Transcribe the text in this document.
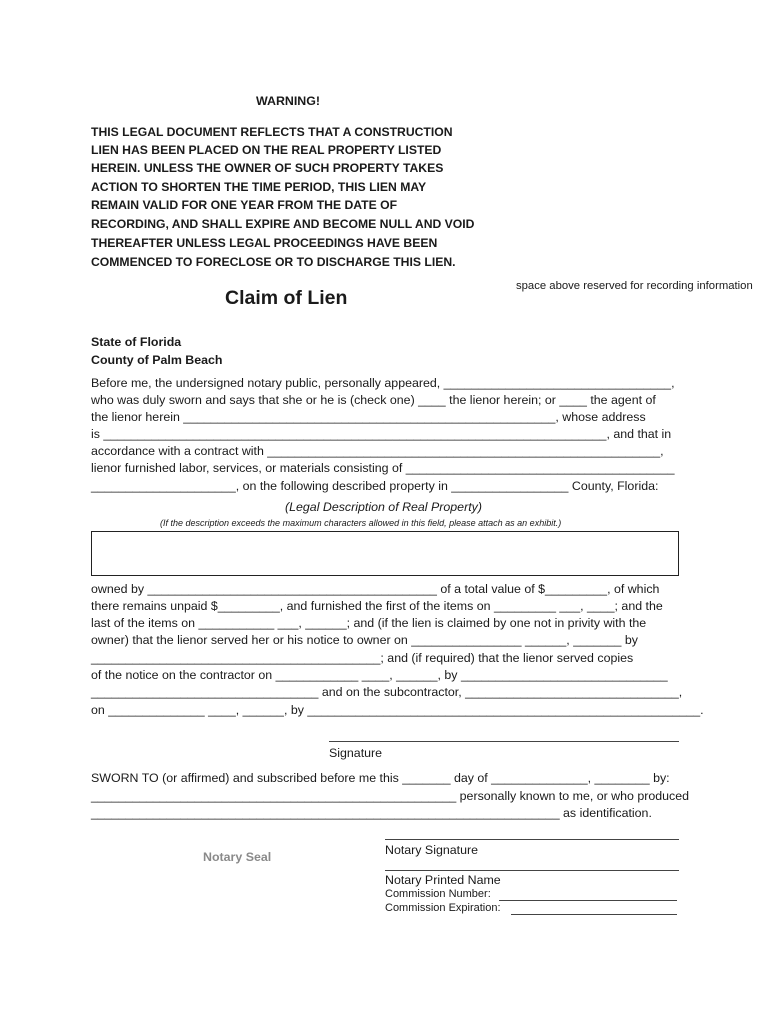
WARNING!
THIS LEGAL DOCUMENT REFLECTS THAT A CONSTRUCTION
LIEN HAS BEEN PLACED ON THE REAL PROPERTY LISTED
HEREIN. UNLESS THE OWNER OF SUCH PROPERTY TAKES
ACTION TO SHORTEN THE TIME PERIOD, THIS LIEN MAY
REMAIN VALID FOR ONE YEAR FROM THE DATE OF
RECORDING, AND SHALL EXPIRE AND BECOME NULL AND VOID
THEREAFTER UNLESS LEGAL PROCEEDINGS HAVE BEEN
COMMENCED TO FORECLOSE OR TO DISCHARGE THIS LIEN.
space above reserved for recording information
Claim of Lien
State of Florida
County of Palm Beach
Before me, the undersigned notary public, personally appeared, _________________________________,
who was duly sworn and says that she or he is (check one) ____ the lienor herein; or ____ the agent of
the lienor herein ______________________________________________________, whose address
is _________________________________________________________________________, and that in
accordance with a contract with _________________________________________________________,
lienor furnished labor, services, or materials consisting of _______________________________________
_____________________, on the following described property in _________________ County, Florida:
(Legal Description of Real Property)
(If the description exceeds the maximum characters allowed in this field, please attach as an exhibit.)
owned by __________________________________________ of a total value of $_________, of which
there remains unpaid $_________, and furnished the first of the items on _________ ___, ____; and the
last of the items on ___________ ___, ______; and (if the lien is claimed by one not in privity with the
owner) that the lienor served her or his notice to owner on ________________ ______, _______ by
__________________________________________; and (if required) that the lienor served copies
of the notice on the contractor on ____________ ____, ______, by ______________________________
_________________________________ and on the subcontractor, _______________________________,
on ______________ ____, ______, by _________________________________________________________.
Signature
SWORN TO (or affirmed) and subscribed before me this _______ day of ______________, ________ by:
_____________________________________________________ personally known to me, or who produced
____________________________________________________________________ as identification.
Notary Seal	Notary Signature
Notary Printed Name
Commission Number:
Commission Expiration:
